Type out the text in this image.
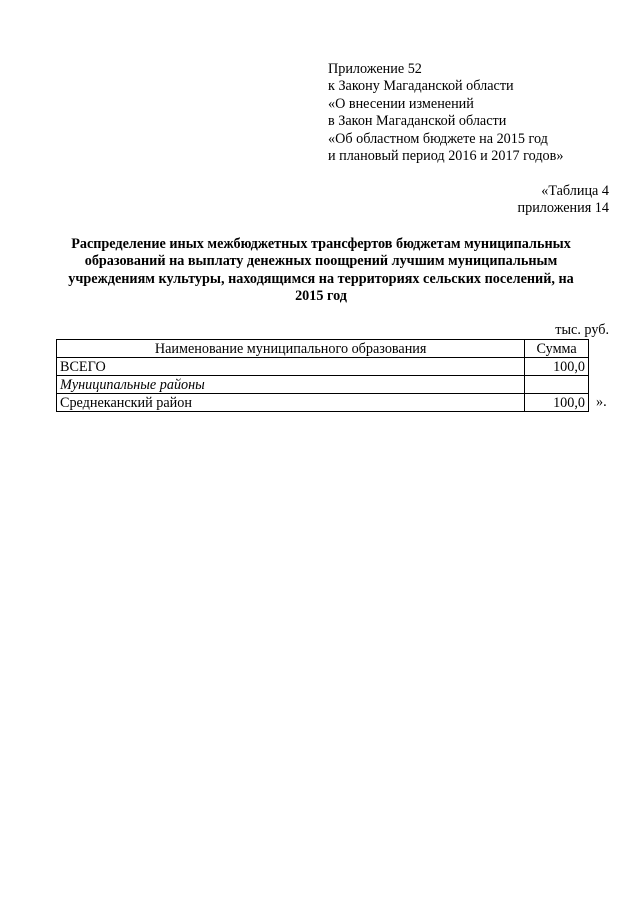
Приложение 52
к Закону Магаданской области
«О внесении изменений
в Закон Магаданской области
«Об областном бюджете на 2015 год
и плановый период 2016 и 2017 годов»
«Таблица 4
приложения 14
Распределение иных межбюджетных трансфертов бюджетам муниципальных образований на выплату денежных поощрений лучшим муниципальным учреждениям культуры, находящимся на территориях сельских поселений, на 2015 год
тыс. руб.
Наименование муниципального образования	Сумма
ВСЕГО	100,0
Муниципальные районы	
Среднеканский район	100,0 ».
